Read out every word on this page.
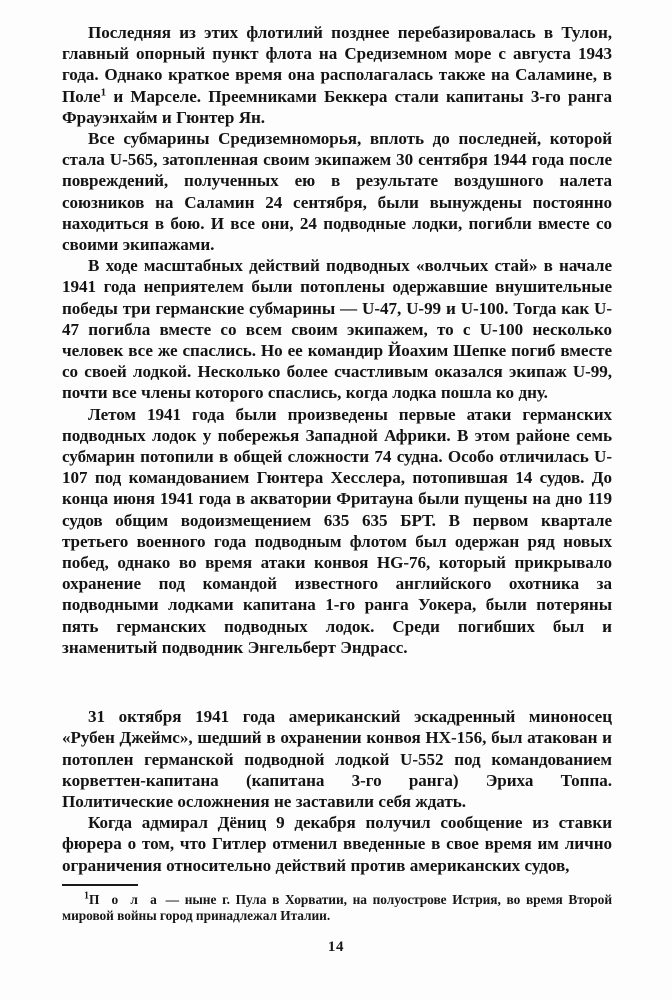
Последняя из этих флотилий позднее перебазировалась в Тулон, главный опорный пункт флота на Средиземном море с августа 1943 года. Однако краткое время она располагалась также на Саламине, в Поле$^1$ и Марселе. Преемниками Беккера стали капитаны 3-го ранга Фрауэнхайм и Гюнтер Ян.

Все субмарины Средиземноморья, вплоть до последней, которой стала U-565, затопленная своим экипажем 30 сентября 1944 года после повреждений, полученных ею в результате воздушного налета союзников на Саламин 24 сентября, были вынуждены постоянно находиться в бою. И все они, 24 подводные лодки, погибли вместе со своими экипажами.

В ходе масштабных действий подводных «волчьих стай» в начале 1941 года неприятелем были потоплены одержавшие внушительные победы три германские субмарины — U-47, U-99 и U-100. Тогда как U-47 погибла вместе со всем своим экипажем, то с U-100 несколько человек все же спаслись. Но ее командир Йоахим Шепке погиб вместе со своей лодкой. Несколько более счастливым оказался экипаж U-99, почти все члены которого спаслись, когда лодка пошла ко дну.

Летом 1941 года были произведены первые атаки германских подводных лодок у побережья Западной Африки. В этом районе семь субмарин потопили в общей сложности 74 судна. Особо отличилась U-107 под командованием Гюнтера Хесслера, потопившая 14 судов. До конца июня 1941 года в акватории Фритауна были пущены на дно 119 судов общим водоизмещением 635 635 БРТ. В первом квартале третьего военного года подводным флотом был одержан ряд новых побед, однако во время атаки конвоя HG-76, который прикрывало охранение под командой известного английского охотника за подводными лодками капитана 1-го ранга Уокера, были потеряны пять германских подводных лодок. Среди погибших был и знаменитый подводник Энгельберт Эндрасс.

31 октября 1941 года американский эскадренный миноносец «Рубен Джеймс», шедший в охранении конвоя HX-156, был атакован и потоплен германской подводной лодкой U-552 под командованием корветтен-капитана (капитана 3-го ранга) Эриха Топпа. Политические осложнения не заставили себя ждать.

Когда адмирал Дёниц 9 декабря получил сообщение из ставки фюрера о том, что Гитлер отменил введенные в свое время им лично ограничения относительно действий против американских судов,

$^1$П о л а — ныне г. Пула в Хорватии, на полуострове Истрия, во время Второй мировой войны город принадлежал Италии.

14
